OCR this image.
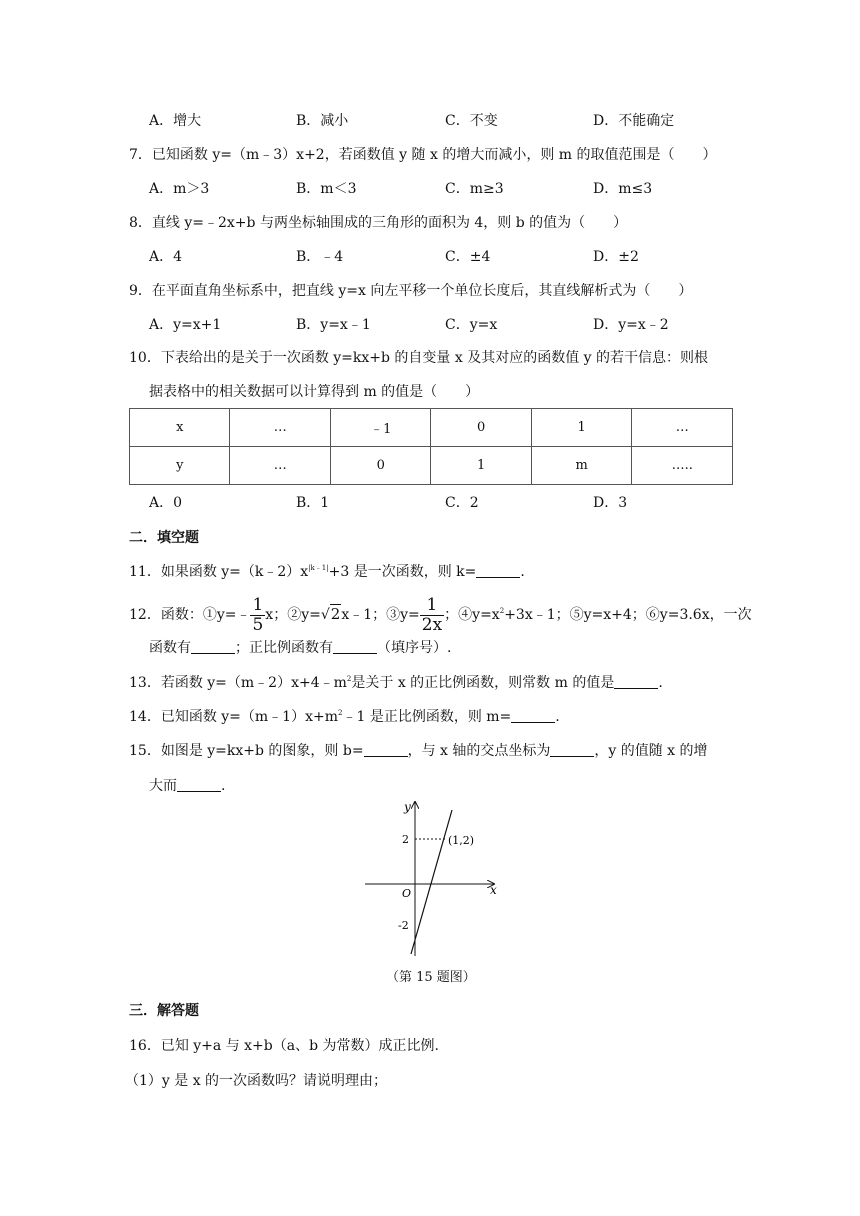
A．增大	B．减小	C．不变	D．不能确定
7．已知函数 y=（m﹣3）x+2，若函数值 y 随 x 的增大而减小，则 m 的取值范围是（　　）
A．m＞3	B．m＜3	C．m≥3	D．m≤3
8．直线 y=﹣2x+b 与两坐标轴围成的三角形的面积为 4，则 b 的值为（　　）
A．4	B．﹣4	C．±4	D．±2
9．在平面直角坐标系中，把直线 y=x 向左平移一个单位长度后，其直线解析式为（　　）
A．y=x+1	B．y=x﹣1	C．y=x	D．y=x﹣2
10．下表给出的是关于一次函数 y=kx+b 的自变量 x 及其对应的函数值 y 的若干信息：则根
据表格中的相关数据可以计算得到 m 的值是（　　）
x	…	﹣1	0	1	…
y	…	0	1	m	…..
A．0	B．1	C．2	D．3
二．填空题
11．如果函数 $y=(k﹣2)x^{|k﹣1|}+3$ 是一次函数，则 k=	.
12．函数：①y=﹣ $\frac{1}{5}$ x；②y=√2x﹣1；③y= $\frac{1}{2x}$ ；$④y=x^2+3x﹣1$；⑤y=x+4；⑥y=3.6x，一次
函数有	；正比例函数有	（填序号）.
13．若函数 $y=(m﹣2)x+4﹣m^2$是关于 x 的正比例函数，则常数 m 的值是	.
14．已知函数 $y=(m﹣1)x+m^2﹣1$ 是正比例函数，则 m=	.
15．如图是 y=kx+b 的图象，则 b=	，与 x 轴的交点坐标为	，y 的值随 x 的增
大而	.
y
x
O
2
-2
(1,2)
（第 15 题图）
三．解答题
16．已知 y+a 与 x+b（a、b 为常数）成正比例.
（1）y 是 x 的一次函数吗？请说明理由；
